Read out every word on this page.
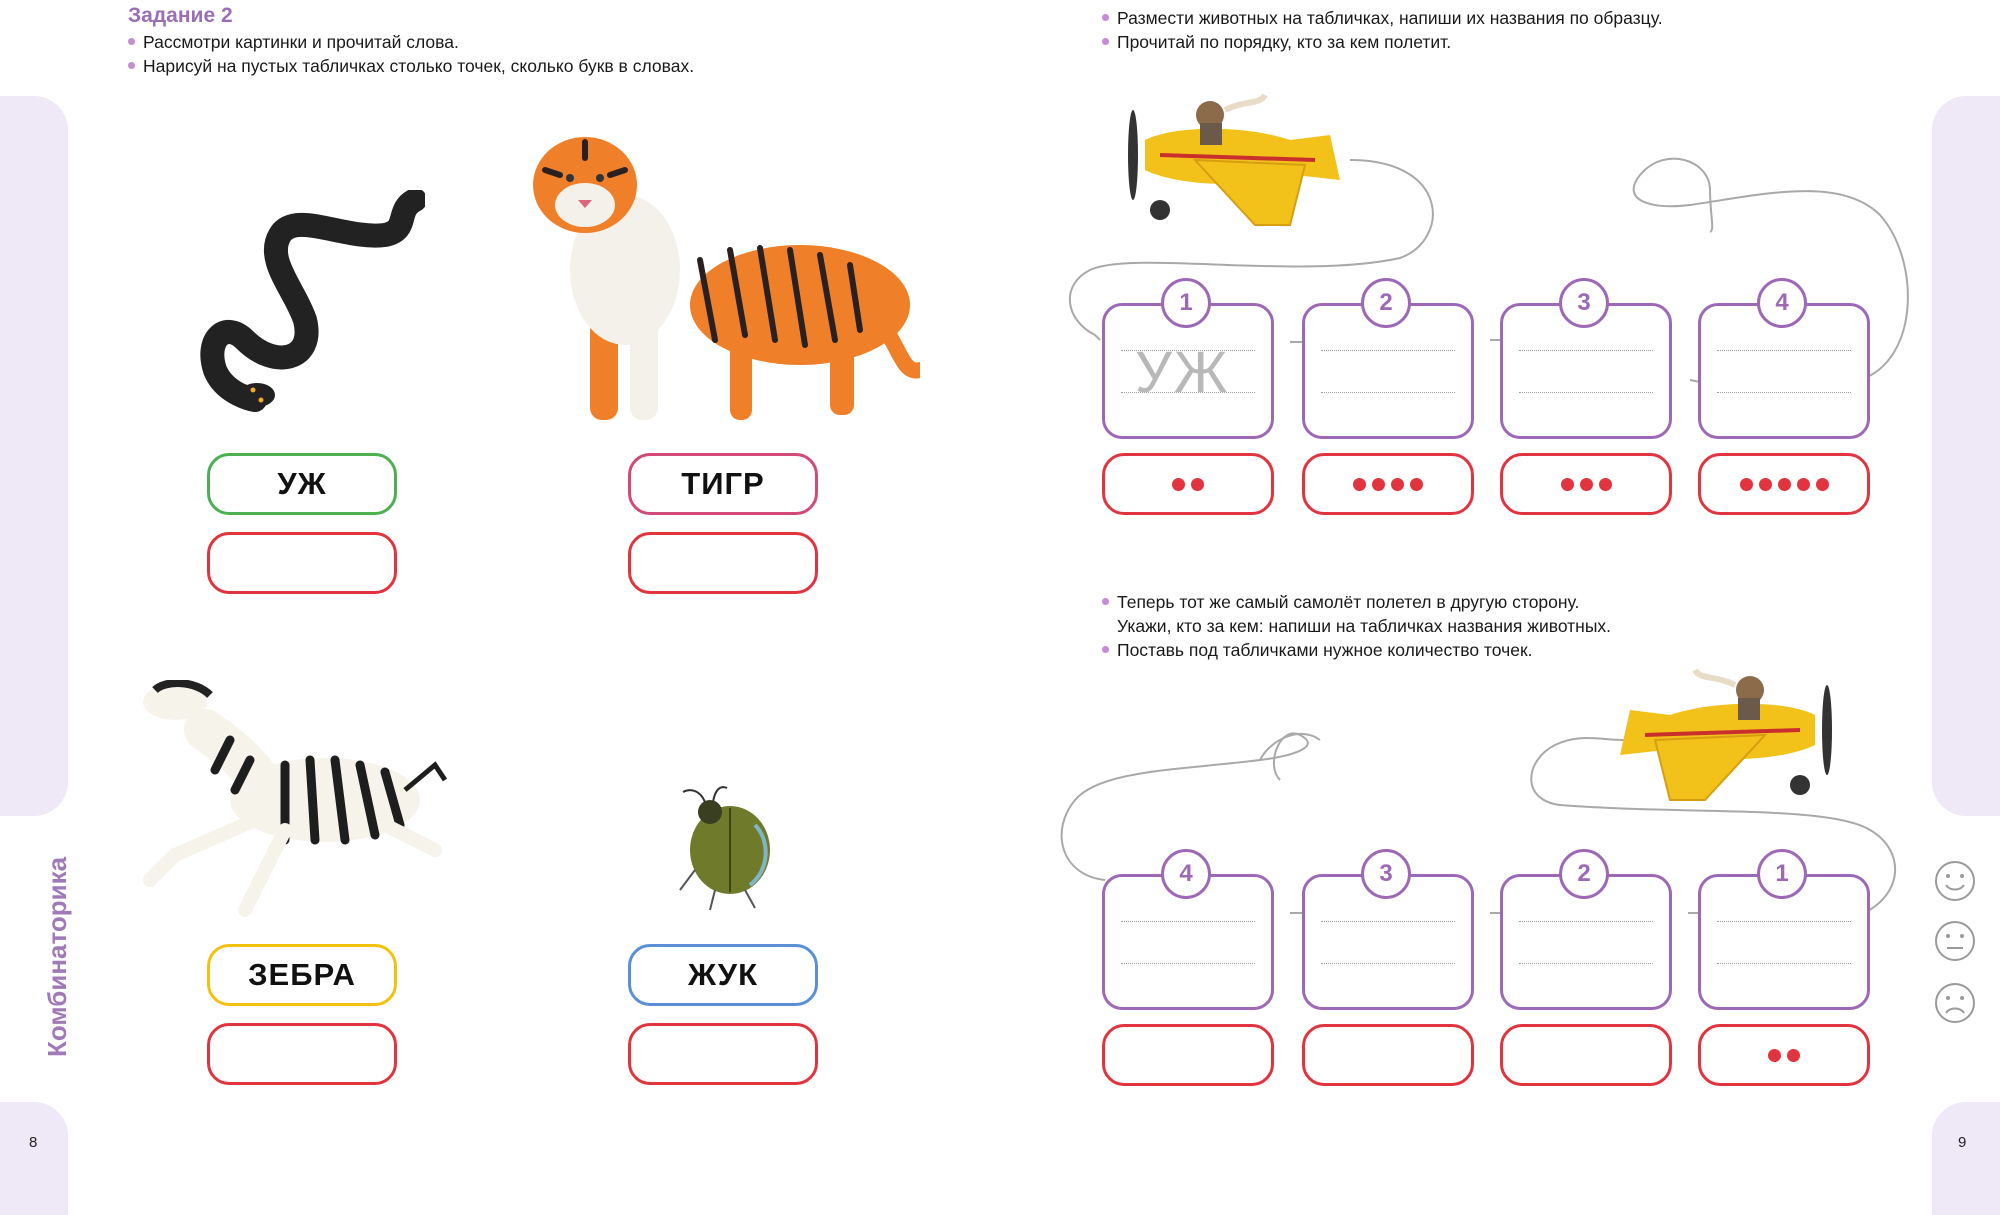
8	9
Комбинаторика
Задание 2
Рассмотри картинки и прочитай слова.
Нарисуй на пустых табличках столько точек, сколько букв в словах.
УЖ	ТИГР
ЗЕБРА	ЖУК
Размести животных на табличках, напиши их названия по образцу.
Прочитай по порядку, кто за кем полетит.
УЖ
1	2	3	4
Теперь тот же самый самолёт полетел в другую сторону.
Укажи, кто за кем: напиши на табличках названия животных.
Поставь под табличками нужное количество точек.
4	3	2	1
